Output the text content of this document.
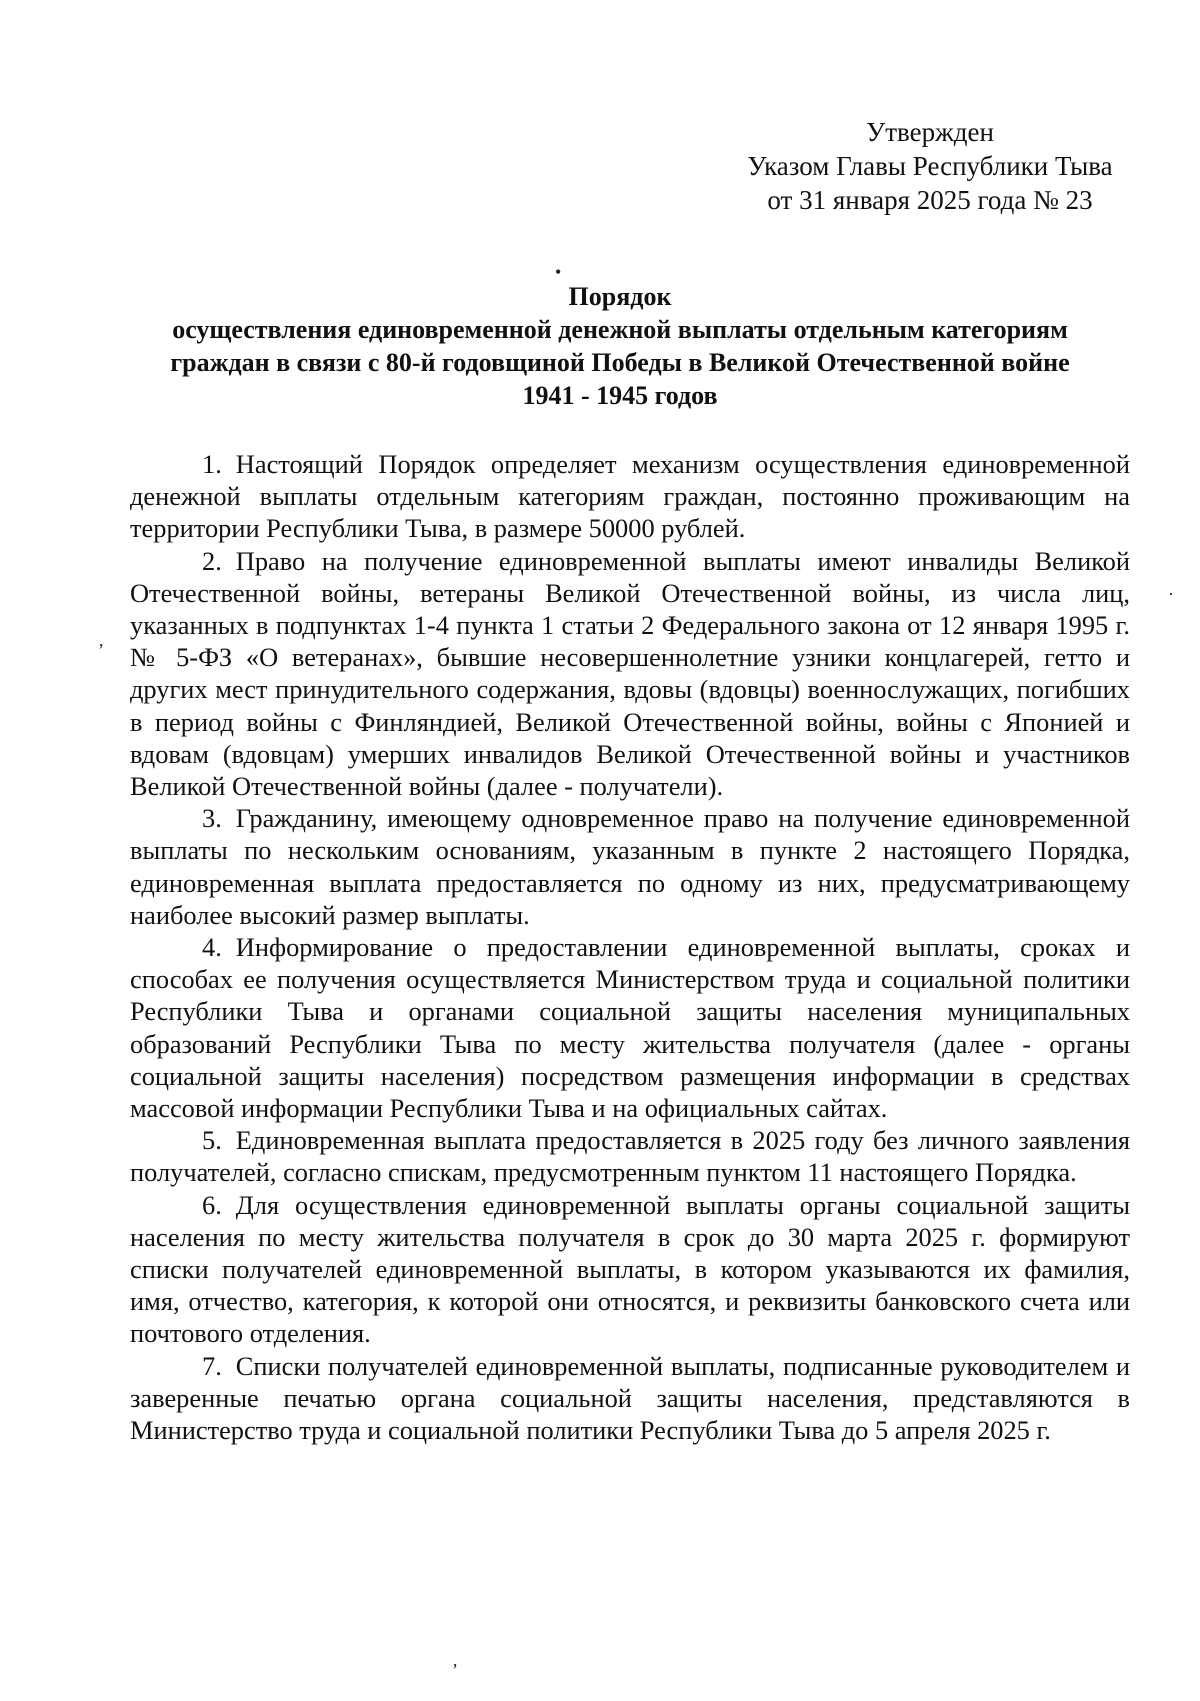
Утвержден
Указом Главы Республики Тыва
от 31 января 2025 года № 23
•
Порядок
осуществления единовременной денежной выплаты отдельным категориям
граждан в связи с 80-й годовщиной Победы в Великой Отечественной войне
1941 - 1945 годов

1. Настоящий Порядок определяет механизм осуществления единовременной денежной выплаты отдельным категориям граждан, постоянно проживающим на территории Республики Тыва, в размере 50000 рублей.

2. Право на получение единовременной выплаты имеют инвалиды Великой Отечественной войны, ветераны Великой Отечественной войны, из числа лиц, указанных в подпунктах 1-4 пункта 1 статьи 2 Федерального закона от 12 января 1995 г. № 5-ФЗ «О ветеранах», бывшие несовершеннолетние узники концлагерей, гетто и других мест принудительного содержания, вдовы (вдовцы) военнослужащих, погибших в период войны с Финляндией, Великой Отечественной войны, войны с Японией и вдовам (вдовцам) умерших инвалидов Великой Отечественной войны и участников Великой Отечественной войны (далее - получатели).

3. Гражданину, имеющему одновременное право на получение единовременной выплаты по нескольким основаниям, указанным в пункте 2 настоящего Порядка, единовременная выплата предоставляется по одному из них, предусматривающему наиболее высокий размер выплаты.

4. Информирование о предоставлении единовременной выплаты, сроках и способах ее получения осуществляется Министерством труда и социальной политики Республики Тыва и органами социальной защиты населения муниципальных образований Республики Тыва по месту жительства получателя (далее - органы социальной защиты населения) посредством размещения информации в средствах массовой информации Республики Тыва и на официальных сайтах.

5. Единовременная выплата предоставляется в 2025 году без личного заявления получателей, согласно спискам, предусмотренным пунктом 11 настоящего Порядка.

6. Для осуществления единовременной выплаты органы социальной защиты населения по месту жительства получателя в срок до 30 марта 2025 г. формируют списки получателей единовременной выплаты, в котором указываются их фамилия, имя, отчество, категория, к которой они относятся, и реквизиты банковского счета или почтового отделения.

7. Списки получателей единовременной выплаты, подписанные руководителем и заверенные печатью органа социальной защиты населения, представляются в Министерство труда и социальной политики Республики Тыва до 5 апреля 2025 г.

·
ʼ
ʼ
